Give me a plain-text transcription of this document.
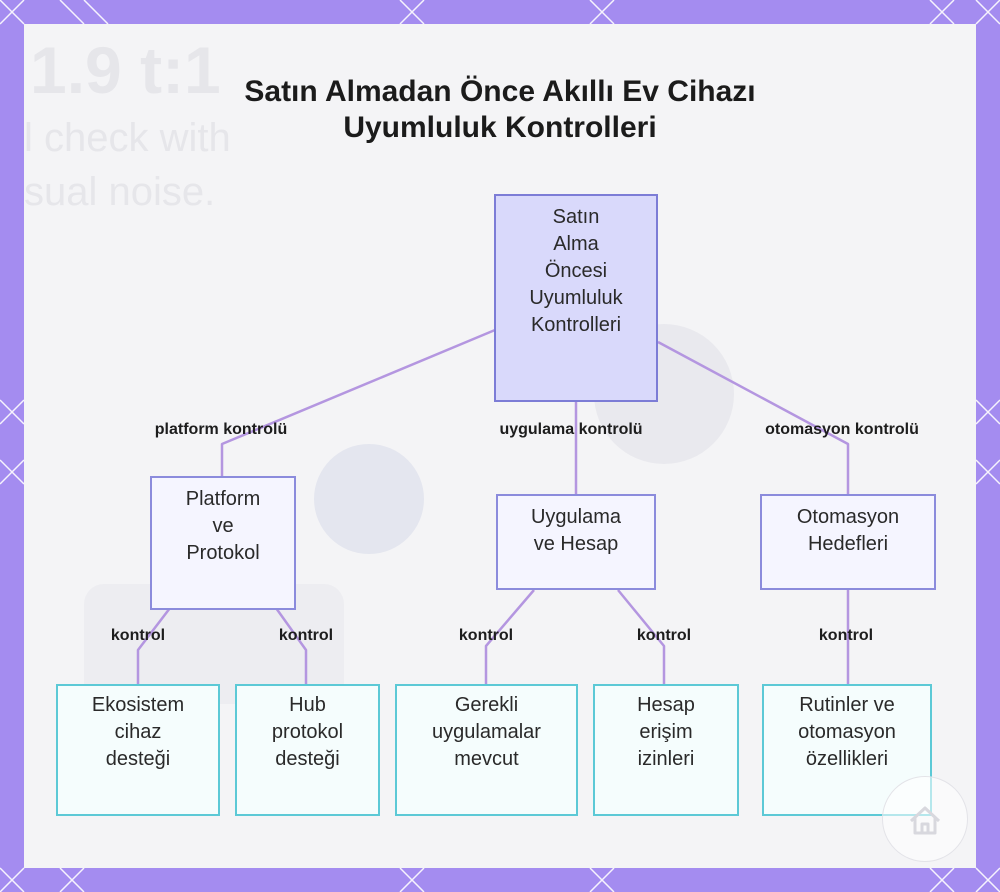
1.9 t:1
l check with
sual noise.
Satın Almadan Önce Akıllı Ev Cihazı
Uyumluluk Kontrolleri
platform kontrolü	uygulama kontrolü	otomasyon kontrolü
kontrol	kontrol	kontrol	kontrol	kontrol
Satın
Alma
Öncesi
Uyumluluk
Kontrolleri
Platform
ve
Protokol
Uygulama
ve Hesap
Otomasyon
Hedefleri
Ekosistem
cihaz
desteği
Hub
protokol
desteği
Gerekli
uygulamalar
mevcut
Hesap
erişim
izinleri
Rutinler ve
otomasyon
özellikleri
